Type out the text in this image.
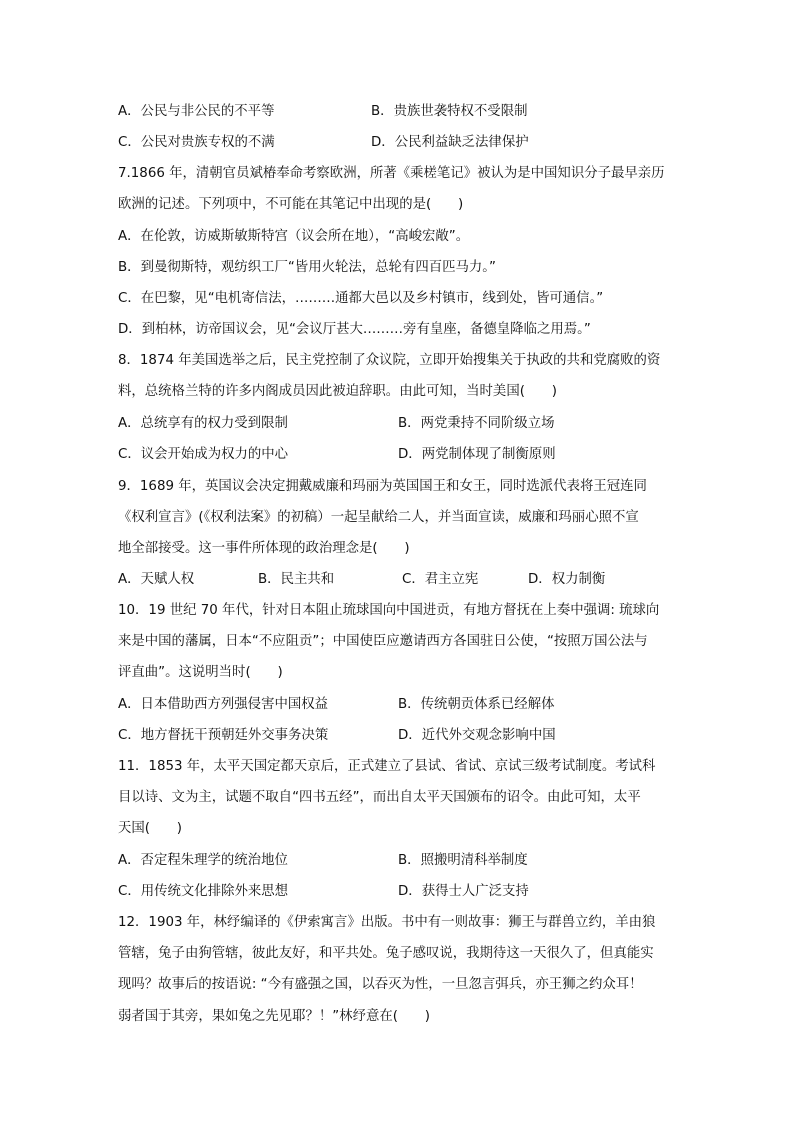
A．公民与非公民的不平等	B．贵族世袭特权不受限制
C．公民对贵族专权的不满	D．公民利益缺乏法律保护
7.1866 年，清朝官员斌椿奉命考察欧洲，所著《乘槎笔记》被认为是中国知识分子最早亲历
欧洲的记述。下列项中，不可能在其笔记中出现的是(　　)
A．在伦敦，访威斯敏斯特宫（议会所在地），“高峻宏敞”。
B．到曼彻斯特，观纺织工厂“皆用火轮法，总轮有四百匹马力。”
C．在巴黎，见“电机寄信法，………通都大邑以及乡村镇市，线到处，皆可通信。”
D．到柏林，访帝国议会，见“会议厅甚大………旁有皇座，备德皇降临之用焉。”
8．1874 年美国选举之后，民主党控制了众议院，立即开始搜集关于执政的共和党腐败的资
料，总统格兰特的许多内阁成员因此被迫辞职。由此可知，当时美国(　　)
A．总统享有的权力受到限制	B．两党秉持不同阶级立场
C．议会开始成为权力的中心	D．两党制体现了制衡原则
9．1689 年，英国议会决定拥戴威廉和玛丽为英国国王和女王，同时选派代表将王冠连同
《权利宣言》(《权利法案》的初稿）一起呈献给二人，并当面宣读，威廉和玛丽心照不宣
地全部接受。这一事件所体现的政治理念是(　　)
A．天赋人权	B．民主共和	C．君主立宪	D．权力制衡
10．19 世纪 70 年代，针对日本阻止琉球国向中国进贡，有地方督抚在上奏中强调: 琉球向
来是中国的藩属，日本“不应阻贡”；中国使臣应邀请西方各国驻日公使，“按照万国公法与
评直曲”。这说明当时(　　)
A．日本借助西方列强侵害中国权益	B．传统朝贡体系已经解体
C．地方督抚干预朝廷外交事务决策	D．近代外交观念影响中国
11．1853 年，太平天国定都天京后，正式建立了县试、省试、京试三级考试制度。考试科
目以诗、文为主，试题不取自“四书五经”，而出自太平天国颁布的诏令。由此可知，太平
天国(　　)
A．否定程朱理学的统治地位	B．照搬明清科举制度
C．用传统文化排除外来思想	D．获得士人广泛支持
12．1903 年，林纾编译的《伊索寓言》出版。书中有一则故事：狮王与群兽立约，羊由狼
管辖，兔子由狗管辖，彼此友好，和平共处。兔子感叹说，我期待这一天很久了，但真能实
现吗？故事后的按语说: “今有盛强之国，以吞灭为性，一旦忽言弭兵，亦王狮之约众耳！
弱者国于其旁，果如兔之先见耶？！”林纾意在(　　)
